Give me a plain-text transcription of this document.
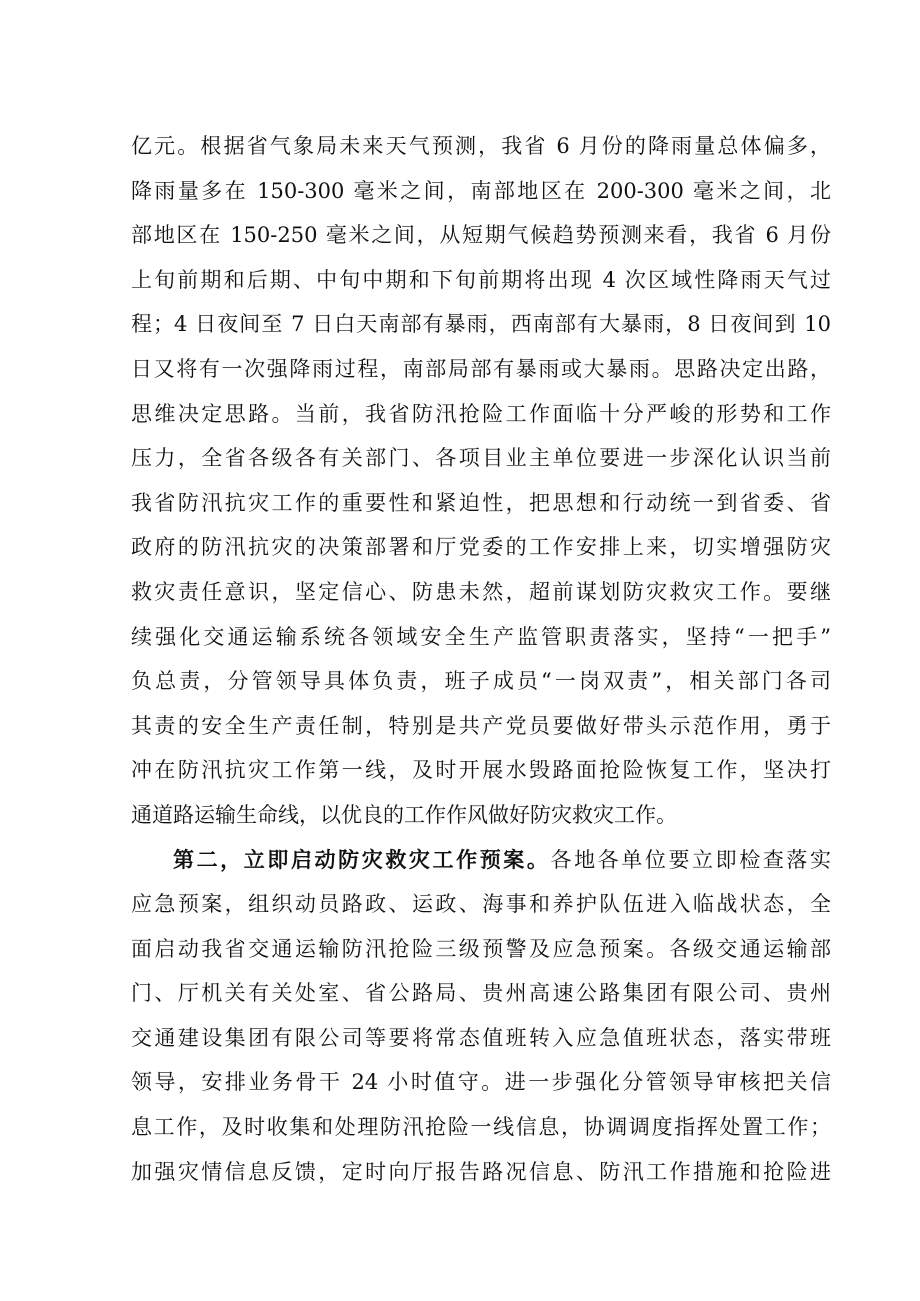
亿元。根据省气象局未来天气预测，我省 6 月份的降雨量总体偏多，
降雨量多在 150-300 毫米之间，南部地区在 200-300 毫米之间，北
部地区在 150-250 毫米之间，从短期气候趋势预测来看，我省 6 月份
上旬前期和后期、中旬中期和下旬前期将出现 4 次区域性降雨天气过
程；4 日夜间至 7 日白天南部有暴雨，西南部有大暴雨，8 日夜间到 10
日又将有一次强降雨过程，南部局部有暴雨或大暴雨。思路决定出路，
思维决定思路。当前，我省防汛抢险工作面临十分严峻的形势和工作
压力，全省各级各有关部门、各项目业主单位要进一步深化认识当前
我省防汛抗灾工作的重要性和紧迫性，把思想和行动统一到省委、省
政府的防汛抗灾的决策部署和厅党委的工作安排上来，切实增强防灾
救灾责任意识，坚定信心、防患未然，超前谋划防灾救灾工作。要继
续强化交通运输系统各领域安全生产监管职责落实，坚持“一把手”
负总责，分管领导具体负责，班子成员“一岗双责”，相关部门各司
其责的安全生产责任制，特别是共产党员要做好带头示范作用，勇于
冲在防汛抗灾工作第一线，及时开展水毁路面抢险恢复工作，坚决打
通道路运输生命线，以优良的工作作风做好防灾救灾工作。
第二，立即启动防灾救灾工作预案。各地各单位要立即检查落实
应急预案，组织动员路政、运政、海事和养护队伍进入临战状态，全
面启动我省交通运输防汛抢险三级预警及应急预案。各级交通运输部
门、厅机关有关处室、省公路局、贵州高速公路集团有限公司、贵州
交通建设集团有限公司等要将常态值班转入应急值班状态，落实带班
领导，安排业务骨干 24 小时值守。进一步强化分管领导审核把关信
息工作，及时收集和处理防汛抢险一线信息，协调调度指挥处置工作；
加强灾情信息反馈，定时向厅报告路况信息、防汛工作措施和抢险进
